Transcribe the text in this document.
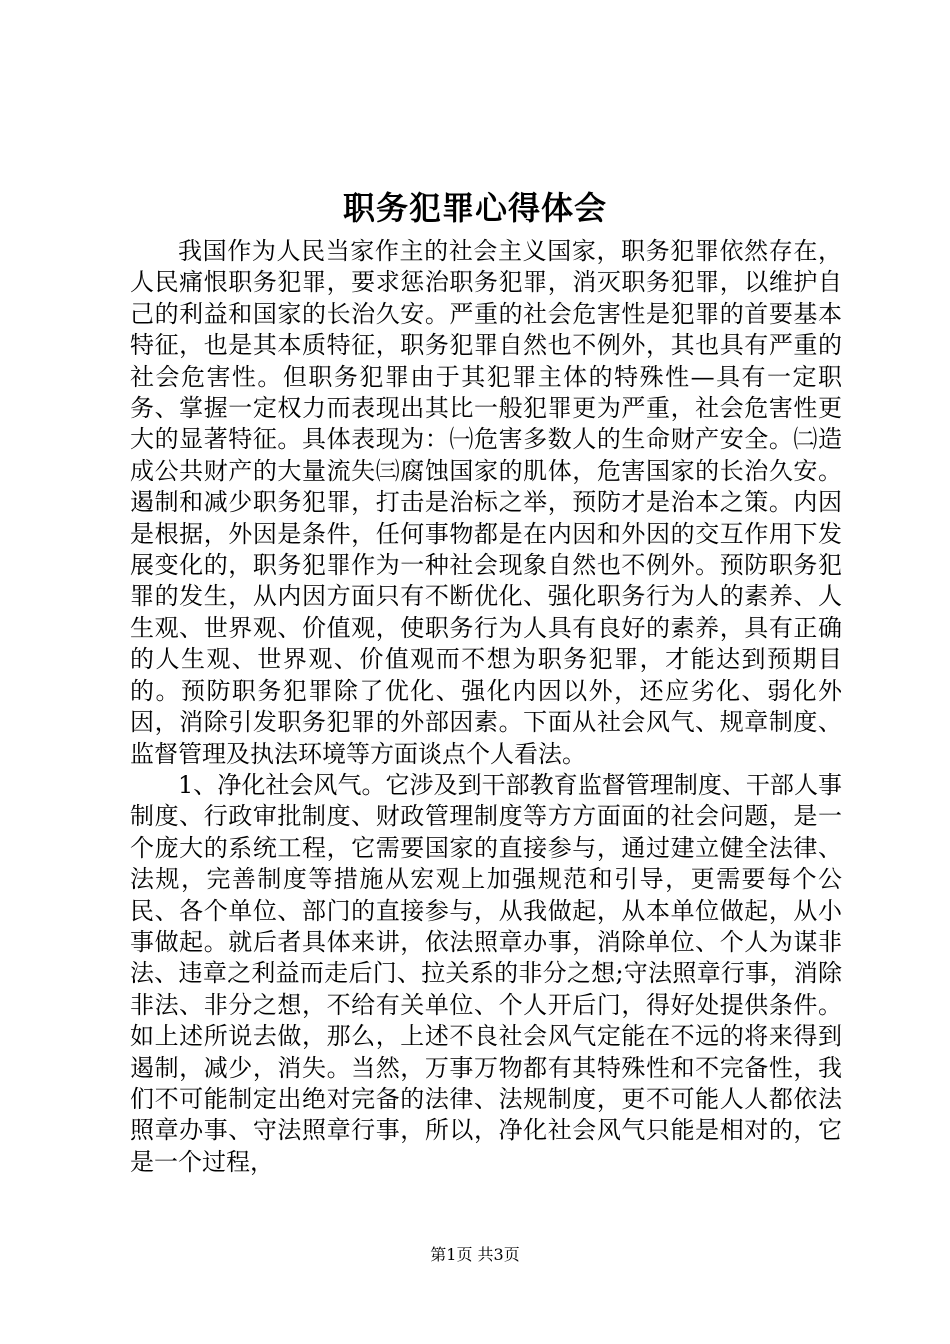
职务犯罪心得体会

我国作为人民当家作主的社会主义国家，职务犯罪依然存在，人民痛恨职务犯罪，要求惩治职务犯罪，消灭职务犯罪，以维护自己的利益和国家的长治久安。严重的社会危害性是犯罪的首要基本特征，也是其本质特征，职务犯罪自然也不例外，其也具有严重的社会危害性。但职务犯罪由于其犯罪主体的特殊性—具有一定职务、掌握一定权力而表现出其比一般犯罪更为严重，社会危害性更大的显著特征。具体表现为：㈠危害多数人的生命财产安全。㈡造成公共财产的大量流失㈢腐蚀国家的肌体，危害国家的长治久安。遏制和减少职务犯罪，打击是治标之举，预防才是治本之策。内因是根据，外因是条件，任何事物都是在内因和外因的交互作用下发展变化的，职务犯罪作为一种社会现象自然也不例外。预防职务犯罪的发生，从内因方面只有不断优化、强化职务行为人的素养、人生观、世界观、价值观，使职务行为人具有良好的素养，具有正确的人生观、世界观、价值观而不想为职务犯罪，才能达到预期目的。预防职务犯罪除了优化、强化内因以外，还应劣化、弱化外因，消除引发职务犯罪的外部因素。下面从社会风气、规章制度、监督管理及执法环境等方面谈点个人看法。

1、净化社会风气。它涉及到干部教育监督管理制度、干部人事制度、行政审批制度、财政管理制度等方方面面的社会问题，是一个庞大的系统工程，它需要国家的直接参与，通过建立健全法律、法规，完善制度等措施从宏观上加强规范和引导，更需要每个公民、各个单位、部门的直接参与，从我做起，从本单位做起，从小事做起。就后者具体来讲，依法照章办事，消除单位、个人为谋非法、违章之利益而走后门、拉关系的非分之想;守法照章行事，消除非法、非分之想，不给有关单位、个人开后门，得好处提供条件。如上述所说去做，那么，上述不良社会风气定能在不远的将来得到遏制，减少，消失。当然，万事万物都有其特殊性和不完备性，我们不可能制定出绝对完备的法律、法规制度，更不可能人人都依法照章办事、守法照章行事，所以，净化社会风气只能是相对的，它是一个过程，

第1页 共3页
